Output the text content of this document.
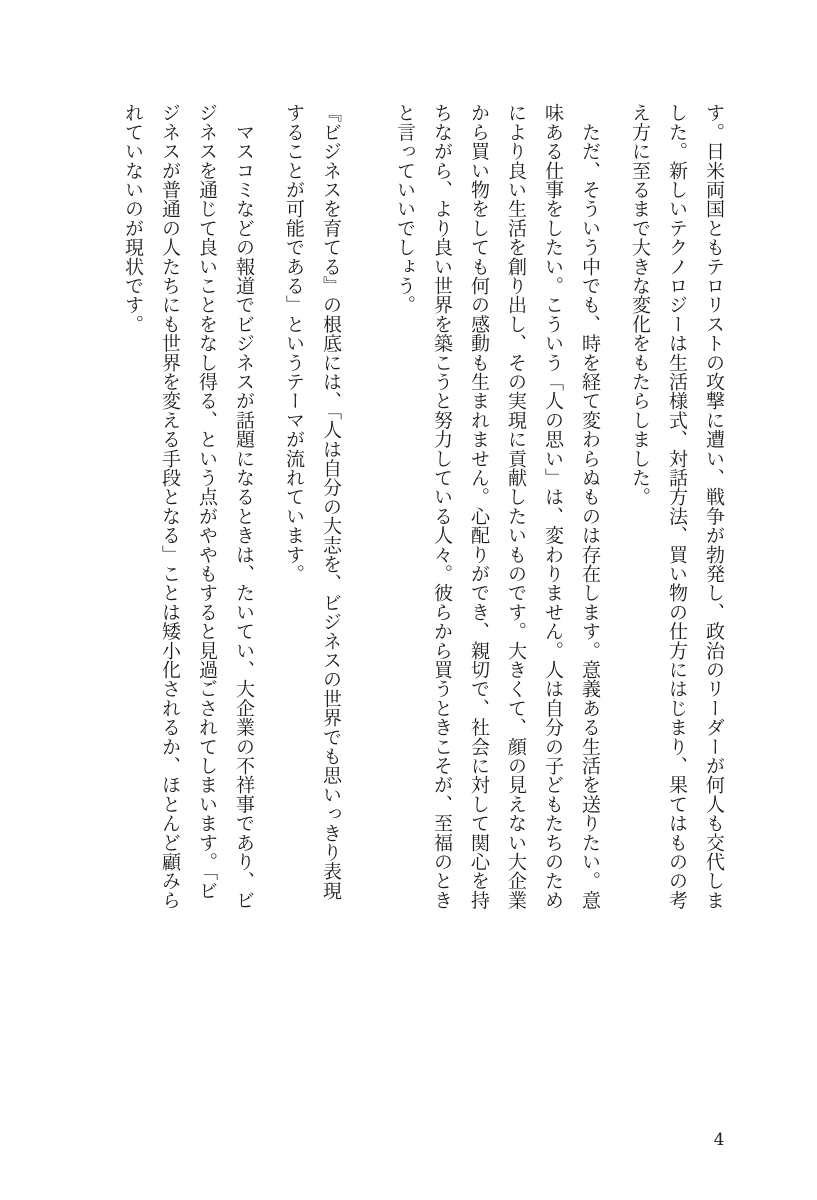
す。日米両国ともテロリストの攻撃に遭い、戦争が勃発し、政治のリーダーが何人も交代しま

した。新しいテクノロジーは生活様式、対話方法、買い物の仕方にはじまり、果てはものの考

え方に至るまで大きな変化をもたらしました。

　ただ、そういう中でも、時を経て変わらぬものは存在します。意義ある生活を送りたい。意

味ある仕事をしたい。こういう「人の思い」は、変わりません。人は自分の子どもたちのため

により良い生活を創り出し、その実現に貢献したいものです。大きくて、顔の見えない大企業

から買い物をしても何の感動も生まれません。心配りができ、親切で、社会に対して関心を持

ちながら、より良い世界を築こうと努力している人々。彼らから買うときこそが、至福のとき

と言っていいでしょう。

『ビジネスを育てる』の根底には、「人は自分の大志を、ビジネスの世界でも思いっきり表現

することが可能である」というテーマが流れています。

　マスコミなどの報道でビジネスが話題になるときは、たいてい、大企業の不祥事であり、ビ

ジネスを通じて良いことをなし得る、という点がややもすると見過ごされてしまいます。「ビ

ジネスが普通の人たちにも世界を変える手段となる」ことは矮小化されるか、ほとんど顧みら

れていないのが現状です。

4
